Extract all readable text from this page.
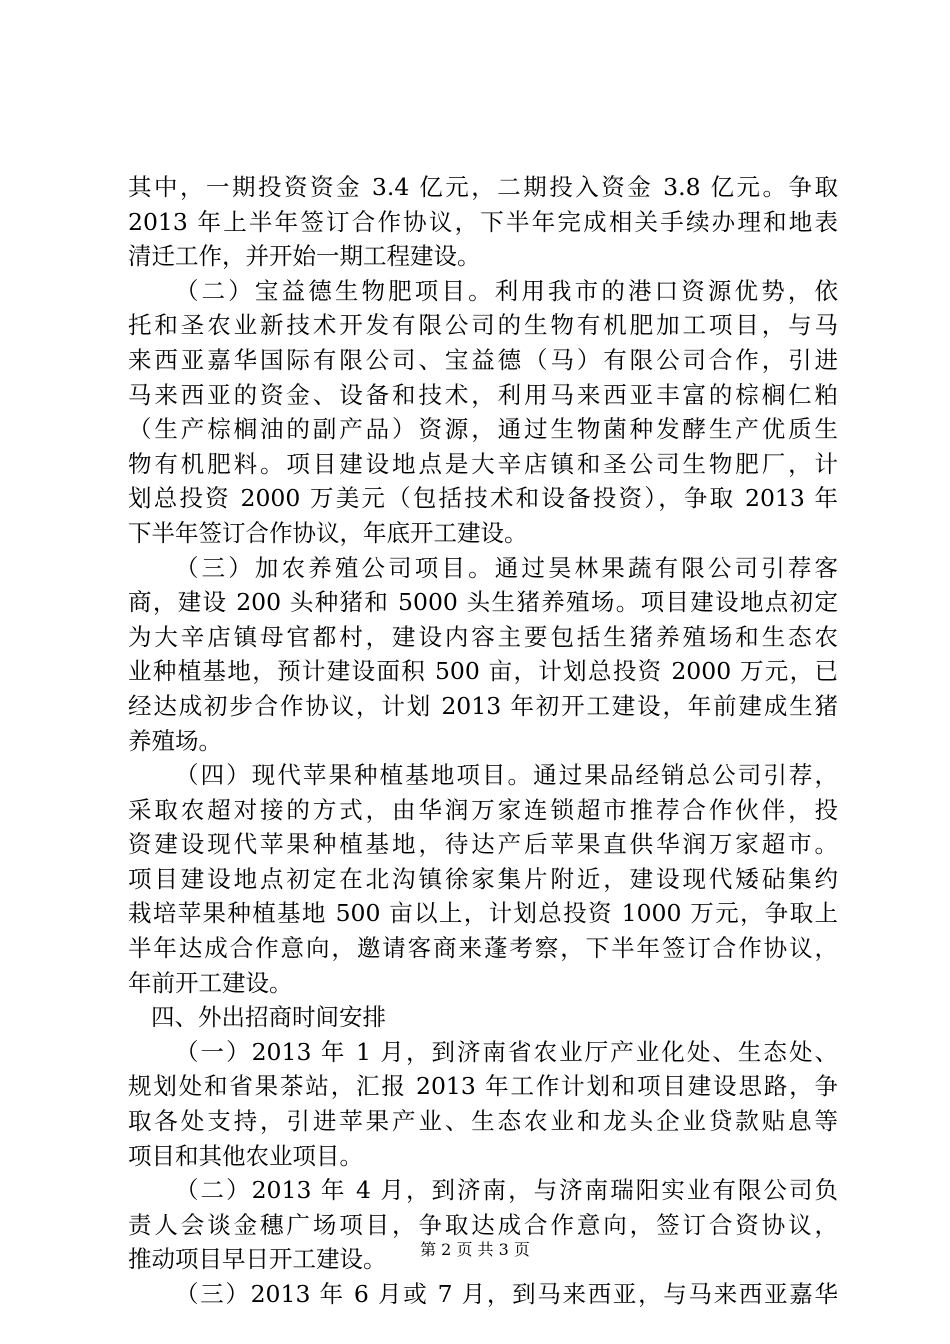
其中，一期投资资金 3.4 亿元，二期投入资金 3.8 亿元。争取
2013 年上半年签订合作协议，下半年完成相关手续办理和地表
清迁工作，并开始一期工程建设。
（二）宝益德生物肥项目。利用我市的港口资源优势，依
托和圣农业新技术开发有限公司的生物有机肥加工项目，与马
来西亚嘉华国际有限公司、宝益德（马）有限公司合作，引进
马来西亚的资金、设备和技术，利用马来西亚丰富的棕榈仁粕
（生产棕榈油的副产品）资源，通过生物菌种发酵生产优质生
物有机肥料。项目建设地点是大辛店镇和圣公司生物肥厂，计
划总投资 2000 万美元（包括技术和设备投资），争取 2013 年
下半年签订合作协议，年底开工建设。
（三）加农养殖公司项目。通过昊林果蔬有限公司引荐客
商，建设 200 头种猪和 5000 头生猪养殖场。项目建设地点初定
为大辛店镇母官都村，建设内容主要包括生猪养殖场和生态农
业种植基地，预计建设面积 500 亩，计划总投资 2000 万元，已
经达成初步合作协议，计划 2013 年初开工建设，年前建成生猪
养殖场。
（四）现代苹果种植基地项目。通过果品经销总公司引荐，
采取农超对接的方式，由华润万家连锁超市推荐合作伙伴，投
资建设现代苹果种植基地，待达产后苹果直供华润万家超市。
项目建设地点初定在北沟镇徐家集片附近，建设现代矮砧集约
栽培苹果种植基地 500 亩以上，计划总投资 1000 万元，争取上
半年达成合作意向，邀请客商来蓬考察，下半年签订合作协议，
年前开工建设。
四、外出招商时间安排
（一）2013 年 1 月，到济南省农业厅产业化处、生态处、
规划处和省果茶站，汇报 2013 年工作计划和项目建设思路，争
取各处支持，引进苹果产业、生态农业和龙头企业贷款贴息等
项目和其他农业项目。
（二）2013 年 4 月，到济南，与济南瑞阳实业有限公司负
责人会谈金穗广场项目，争取达成合作意向，签订合资协议，
推动项目早日开工建设。
（三）2013 年 6 月或 7 月，到马来西亚，与马来西亚嘉华
第 2 页 共 3 页
